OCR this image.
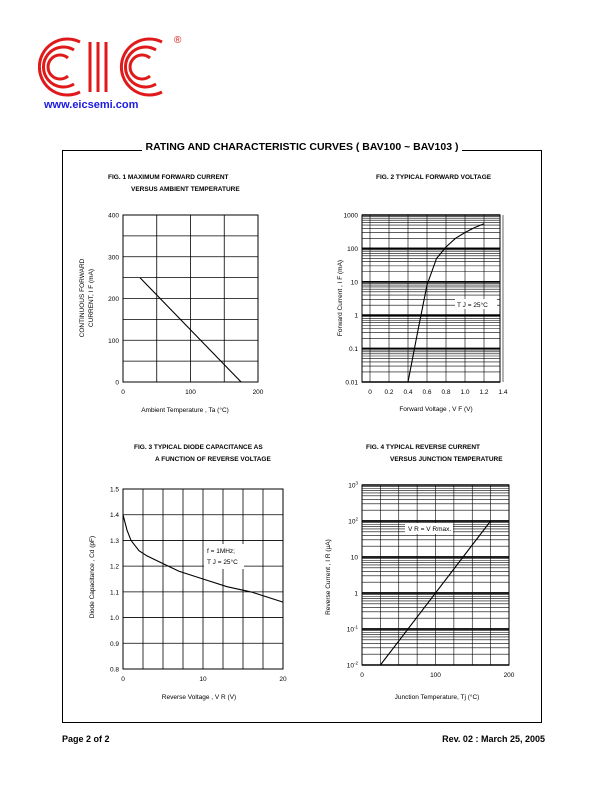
®
www.eicsemi.com
RATING AND CHARACTERISTIC CURVES ( BAV100 ~ BAV103 )
FIG. 1 MAXIMUM FORWARD CURRENT
VERSUS AMBIENT TEMPERATURE
FIG. 2 TYPICAL FORWARD VOLTAGE
FIG. 3 TYPICAL DIODE CAPACITANCE AS
A FUNCTION OF REVERSE VOLTAGE
FIG. 4 TYPICAL REVERSE CURRENT
VERSUS JUNCTION TEMPERATURE
CONTINUOUS FORWARD CURRENT, I F (mA)
Ambient Temperature , Ta (°C)
0	100	200
0
100
200
300
400
Forward Current , I F (mA)
Forward Voltage , V F (V)
T J = 25°C
0 0.2 0.4 0.6 0.8 1.0 1.2 1.4
0.01
0.1
1
10
100
1000
Diode Capacitance , Cd (pF)
Reverse Voltage , V R (V)
f = 1MHz;
T J = 25°C
0	10	20
0.8
0.9
1.0
1.1
1.2
1.3
1.4
1.5
Reverse Current , I R (µA)
Junction Temperature, Tj (°C)
V R = V Rmax.
0	100	200
$10^{-2}$
$10^{-1}$
1
10
$10^2$
$10^3$
Page 2 of 2	Rev. 02 : March 25, 2005
